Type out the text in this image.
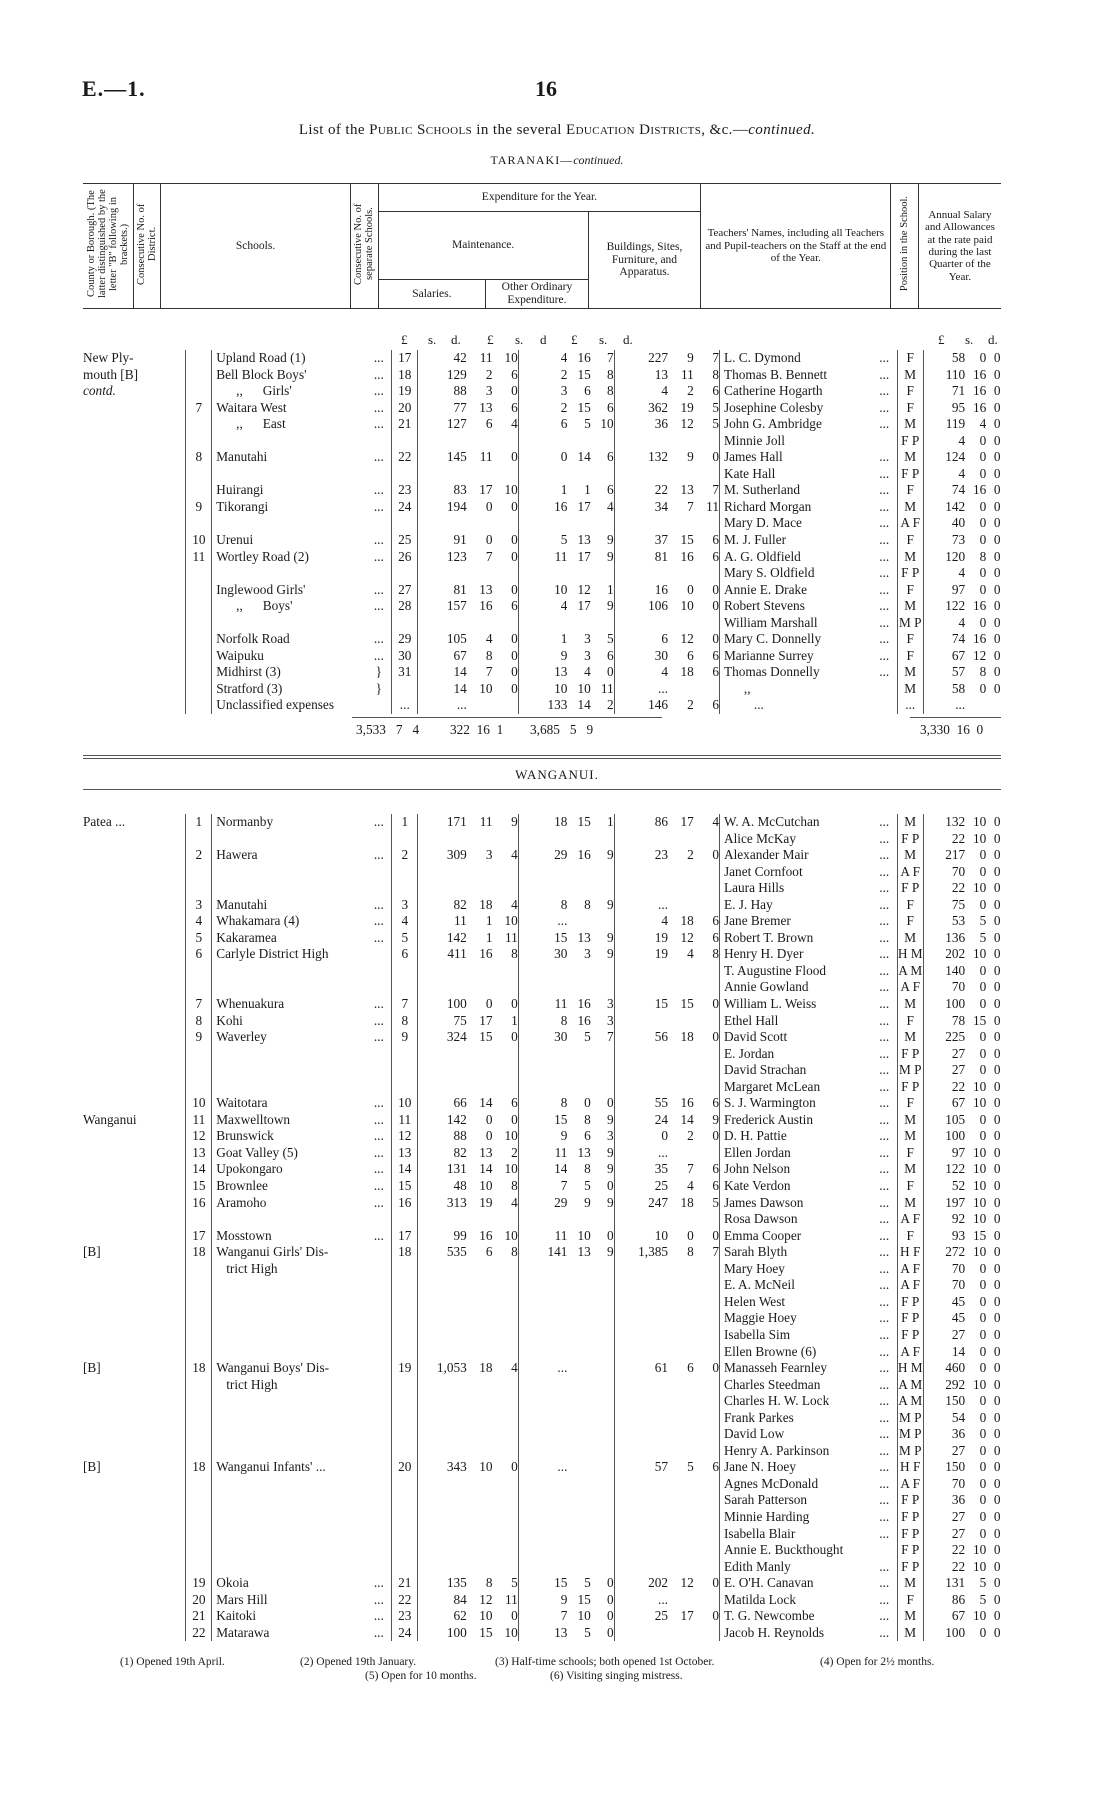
E.—1.	16
List of the Public Schools in the several Education Districts, &c.—continued.
TARANAKI—continued.
County or Borough. (The latter distinguished by the letter "B" following in brackets.)	Consecutive No. of District.	Schools.	Consecutive No. of separate Schools.	Expenditure for the Year.			Teachers' Names, including all Teachers and Pupil-teachers on the Staff at the end of the Year.	Position in the School.	Annual Salary and Allowances at the rate paid during the last Quarter of the Year.
				Maintenance.		Buildings, Sites, Furniture, and Apparatus.			
				Salaries.	Other Ordinary Expenditure.				
£ s. d. £ s. d £ s. d.	£ s. d.
New Ply-		Upland Road (1)	...	17	42	11	10	4	16	7	227	9	7	L. C. Dymond	...	F	58	0	0
mouth [B]		Bell Block Boys'	...	18	129	2	6	2	15	8	13	11	8	Thomas B. Bennett	...	M	110	16	0
contd.		,,      Girls'	...	19	88	3	0	3	6	8	4	2	6	Catherine Hogarth	...	F	71	16	0
	7	Waitara West	...	20	77	13	6	2	15	6	362	19	5	Josephine Colesby	...	F	95	16	0
		,,      East	...	21	127	6	4	6	5	10	36	12	5	John G. Ambridge	...	M	119	4	0
														Minnie Joll		F P	4	0	0
	8	Manutahi	...	22	145	11	0	0	14	6	132	9	0	James Hall	...	M	124	0	0
														Kate Hall	...	F P	4	0	0
		Huirangi	...	23	83	17	10	1	1	6	22	13	7	M. Sutherland	...	F	74	16	0
	9	Tikorangi	...	24	194	0	0	16	17	4	34	7	11	Richard Morgan	...	M	142	0	0
														Mary D. Mace	...	A F	40	0	0
	10	Urenui	...	25	91	0	0	5	13	9	37	15	6	M. J. Fuller	...	F	73	0	0
	11	Wortley Road (2)	...	26	123	7	0	11	17	9	81	16	6	A. G. Oldfield	...	M	120	8	0
														Mary S. Oldfield	...	F P	4	0	0
		Inglewood Girls'	...	27	81	13	0	10	12	1	16	0	0	Annie E. Drake	...	F	97	0	0
		,,      Boys'	...	28	157	16	6	4	17	9	106	10	0	Robert Stevens	...	M	122	16	0
														William Marshall	...	M P	4	0	0
		Norfolk Road	...	29	105	4	0	1	3	5	6	12	0	Mary C. Donnelly	...	F	74	16	0
		Waipuku	...	30	67	8	0	9	3	6	30	6	6	Marianne Surrey	...	F	67	12	0
		Midhirst (3)	}	31	14	7	0	13	4	0	4	18	6	Thomas Donnelly	...	M	57	8	0
		Stratford (3)	}		14	10	0	10	10	11	...			,,		M	58	0	0
		Unclassified expenses		...	...			133	14	2	146	2	6	...		...	...		
3,533 7 4 322 16 1 3,685 5 9	3,330 16 0
WANGANUI.
Patea ...	1	Normanby	...	1	171	11	9	18	15	1	86	17	4	W. A. McCutchan	...	M	132	10	0
														Alice McKay	...	F P	22	10	0
	2	Hawera	...	2	309	3	4	29	16	9	23	2	0	Alexander Mair	...	M	217	0	0
														Janet Cornfoot	...	A F	70	0	0
														Laura Hills	...	F P	22	10	0
	3	Manutahi	...	3	82	18	4	8	8	9	...			E. J. Hay	...	F	75	0	0
	4	Whakamara (4)	...	4	11	1	10	...			4	18	6	Jane Bremer	...	F	53	5	0
	5	Kakaramea	...	5	142	1	11	15	13	9	19	12	6	Robert T. Brown	...	M	136	5	0
	6	Carlyle District High		6	411	16	8	30	3	9	19	4	8	Henry H. Dyer	...	H M	202	10	0
														T. Augustine Flood	...	A M	140	0	0
														Annie Gowland	...	A F	70	0	0
	7	Whenuakura	...	7	100	0	0	11	16	3	15	15	0	William L. Weiss	...	M	100	0	0
	8	Kohi	...	8	75	17	1	8	16	3				Ethel Hall	...	F	78	15	0
	9	Waverley	...	9	324	15	0	30	5	7	56	18	0	David Scott	...	M	225	0	0
														E. Jordan	...	F P	27	0	0
														David Strachan	...	M P	27	0	0
														Margaret McLean	...	F P	22	10	0
	10	Waitotara	...	10	66	14	6	8	0	0	55	16	6	S. J. Warmington	...	F	67	10	0
Wanganui	11	Maxwelltown	...	11	142	0	0	15	8	9	24	14	9	Frederick Austin	...	M	105	0	0
	12	Brunswick	...	12	88	0	10	9	6	3	0	2	0	D. H. Pattie	...	M	100	0	0
	13	Goat Valley (5)	...	13	82	13	2	11	13	9	...			Ellen Jordan	...	F	97	10	0
	14	Upokongaro	...	14	131	14	10	14	8	9	35	7	6	John Nelson	...	M	122	10	0
	15	Brownlee	...	15	48	10	8	7	5	0	25	4	6	Kate Verdon	...	F	52	10	0
	16	Aramoho	...	16	313	19	4	29	9	9	247	18	5	James Dawson	...	M	197	10	0
														Rosa Dawson	...	A F	92	10	0
	17	Mosstown	...	17	99	16	10	11	10	0	10	0	0	Emma Cooper	...	F	93	15	0
[B]	18	Wanganui Girls' Dis-		18	535	6	8	141	13	9	1,385	8	7	Sarah Blyth	...	H F	272	10	0
		trict High												Mary Hoey	...	A F	70	0	0
														E. A. McNeil	...	A F	70	0	0
														Helen West	...	F P	45	0	0
														Maggie Hoey	...	F P	45	0	0
														Isabella Sim	...	F P	27	0	0
														Ellen Browne (6)	...	A F	14	0	0
[B]	18	Wanganui Boys' Dis-		19	1,053	18	4	...			61	6	0	Manasseh Fearnley	...	H M	460	0	0
		trict High												Charles Steedman	...	A M	292	10	0
														Charles H. W. Lock	...	A M	150	0	0
														Frank Parkes	...	M P	54	0	0
														David Low	...	M P	36	0	0
														Henry A. Parkinson	...	M P	27	0	0
[B]	18	Wanganui Infants' ...		20	343	10	0	...			57	5	6	Jane N. Hoey	...	H F	150	0	0
														Agnes McDonald	...	A F	70	0	0
														Sarah Patterson	...	F P	36	0	0
														Minnie Harding	...	F P	27	0	0
														Isabella Blair	...	F P	27	0	0
														Annie E. Buckthought		F P	22	10	0
														Edith Manly	...	F P	22	10	0
	19	Okoia	...	21	135	8	5	15	5	0	202	12	0	E. O'H. Canavan	...	M	131	5	0
	20	Mars Hill	...	22	84	12	11	9	15	0	...			Matilda Lock	...	F	86	5	0
	21	Kaitoki	...	23	62	10	0	7	10	0	25	17	0	T. G. Newcombe	...	M	67	10	0
	22	Matarawa	...	24	100	15	10	13	5	0				Jacob H. Reynolds	...	M	100	0	0
(1) Opened 19th April.	(2) Opened 19th January.	(3) Half-time schools; both opened 1st October.	(4) Open for 2½ months.
(5) Open for 10 months.	(6) Visiting singing mistress.
